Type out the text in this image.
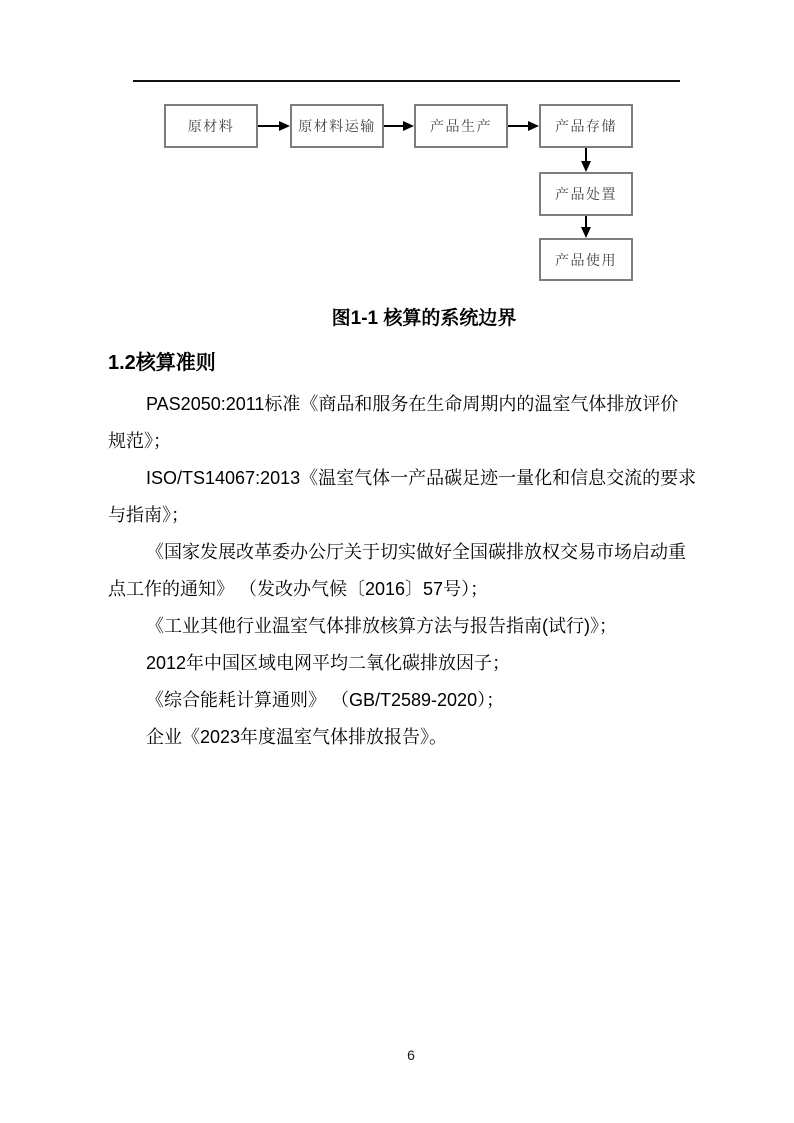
原材料	原材料运输	产品生产	产品存储
产品处置
产品使用
图1-1 核算的系统边界
1.2核算准则
PAS2050:2011标准《商品和服务在生命周期内的温室气体排放评价
规范》；
ISO/TS14067:2013《温室气体一产品碳足迹一量化和信息交流的要求
与指南》；
《国家发展改革委办公厅关于切实做好全国碳排放权交易市场启动重
点工作的通知》 （发改办气候〔2016〕57号）；
《工业其他行业温室气体排放核算方法与报告指南(试行)》；
2012年中国区域电网平均二氧化碳排放因子；
《综合能耗计算通则》 （GB/T2589-2020）；
企业《2023年度温室气体排放报告》。
6
